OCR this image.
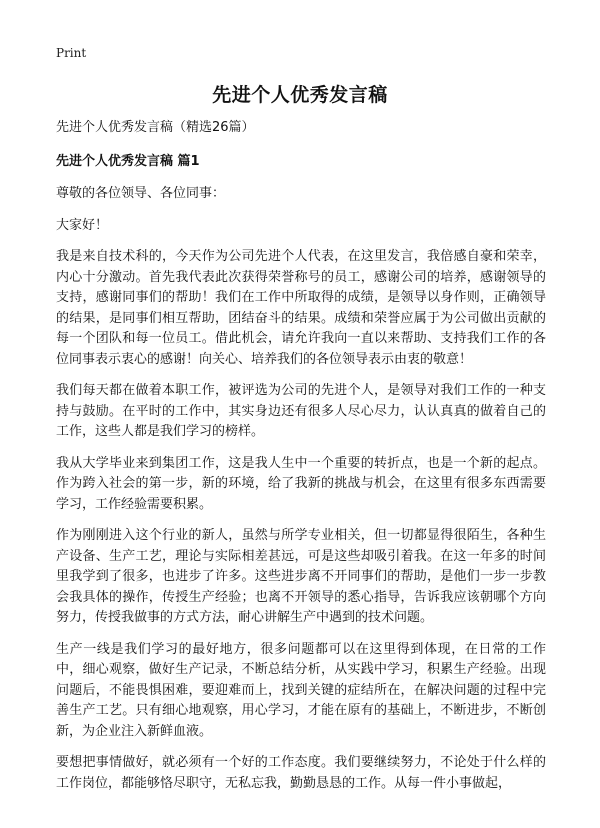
Print
先进个人优秀发言稿

先进个人优秀发言稿（精选26篇）

先进个人优秀发言稿 篇1

尊敬的各位领导、各位同事：

大家好！

我是来自技术科的，今天作为公司先进个人代表，在这里发言，我倍感自豪和荣幸，内心十分激动。首先我代表此次获得荣誉称号的员工，感谢公司的培养，感谢领导的支持，感谢同事们的帮助！我们在工作中所取得的成绩，是领导以身作则，正确领导的结果，是同事们相互帮助，团结奋斗的结果。成绩和荣誉应属于为公司做出贡献的每一个团队和每一位员工。借此机会，请允许我向一直以来帮助、支持我们工作的各位同事表示衷心的感谢！向关心、培养我们的各位领导表示由衷的敬意！

我们每天都在做着本职工作，被评选为公司的先进个人，是领导对我们工作的一种支持与鼓励。在平时的工作中，其实身边还有很多人尽心尽力，认认真真的做着自己的工作，这些人都是我们学习的榜样。

我从大学毕业来到集团工作，这是我人生中一个重要的转折点，也是一个新的起点。作为跨入社会的第一步，新的环境，给了我新的挑战与机会，在这里有很多东西需要学习，工作经验需要积累。

作为刚刚进入这个行业的新人，虽然与所学专业相关，但一切都显得很陌生，各种生产设备、生产工艺，理论与实际相差甚远，可是这些却吸引着我。在这一年多的时间里我学到了很多，也进步了许多。这些进步离不开同事们的帮助，是他们一步一步教会我具体的操作，传授生产经验；也离不开领导的悉心指导，告诉我应该朝哪个方向努力，传授我做事的方式方法，耐心讲解生产中遇到的技术问题。

生产一线是我们学习的最好地方，很多问题都可以在这里得到体现，在日常的工作中，细心观察，做好生产记录，不断总结分析，从实践中学习，积累生产经验。出现问题后，不能畏惧困难，要迎难而上，找到关键的症结所在，在解决问题的过程中完善生产工艺。只有细心地观察，用心学习，才能在原有的基础上，不断进步，不断创新，为企业注入新鲜血液。

要想把事情做好，就必须有一个好的工作态度。我们要继续努力，不论处于什么样的工作岗位，都能够恪尽职守，无私忘我，勤勤恳恳的工作。从每一件小事做起，
